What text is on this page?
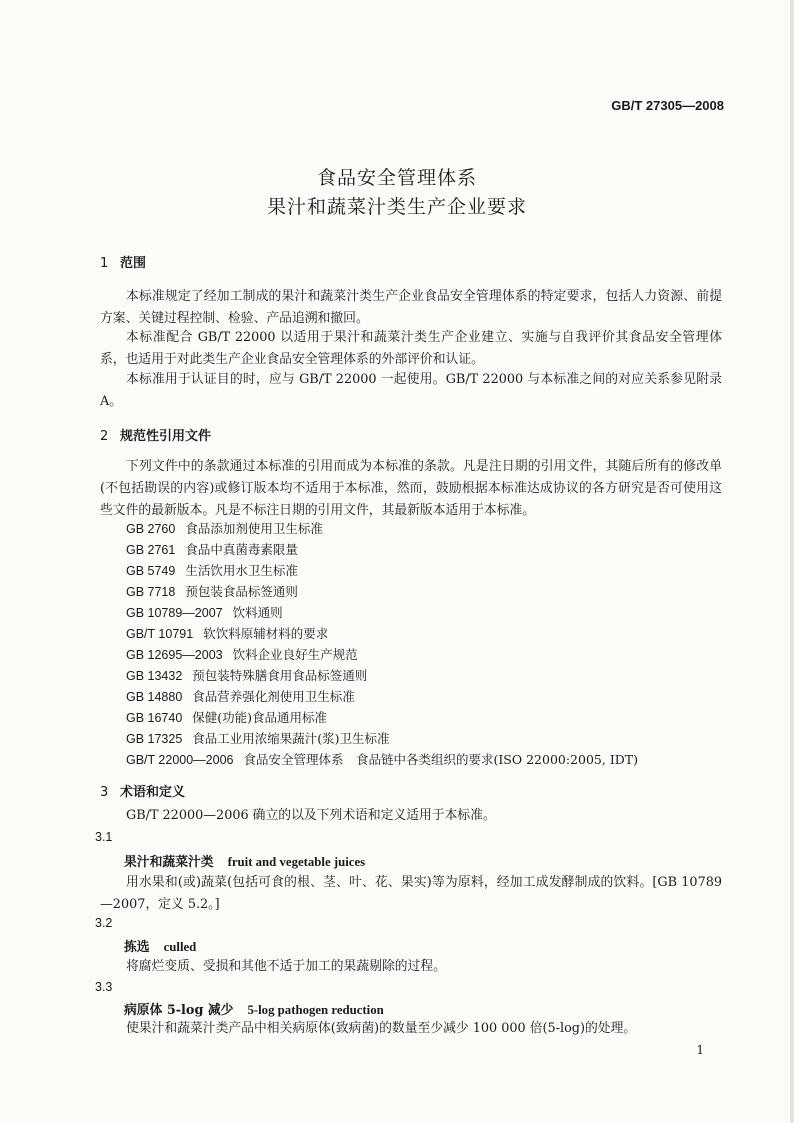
GB/T 27305—2008
食品安全管理体系
果汁和蔬菜汁类生产企业要求
1 范围
本标准规定了经加工制成的果汁和蔬菜汁类生产企业食品安全管理体系的特定要求，包括人力资源、前提方案、关键过程控制、检验、产品追溯和撤回。
本标准配合 GB/T 22000 以适用于果汁和蔬菜汁类生产企业建立、实施与自我评价其食品安全管理体系，也适用于对此类生产企业食品安全管理体系的外部评价和认证。
本标准用于认证目的时，应与 GB/T 22000 一起使用。GB/T 22000 与本标准之间的对应关系参见附录 A。
2 规范性引用文件
下列文件中的条款通过本标准的引用而成为本标准的条款。凡是注日期的引用文件，其随后所有的修改单(不包括勘误的内容)或修订版本均不适用于本标准，然而，鼓励根据本标准达成协议的各方研究是否可使用这些文件的最新版本。凡是不标注日期的引用文件，其最新版本适用于本标准。
GB 2760 食品添加剂使用卫生标准
GB 2761 食品中真菌毒素限量
GB 5749 生活饮用水卫生标准
GB 7718 预包装食品标签通则
GB 10789—2007 饮料通则
GB/T 10791 软饮料原辅材料的要求
GB 12695—2003 饮料企业良好生产规范
GB 13432 预包装特殊膳食用食品标签通则
GB 14880 食品营养强化剂使用卫生标准
GB 16740 保健(功能)食品通用标准
GB 17325 食品工业用浓缩果蔬汁(浆)卫生标准
GB/T 22000—2006 食品安全管理体系　食品链中各类组织的要求(ISO 22000:2005, IDT)
3 术语和定义
GB/T 22000—2006 确立的以及下列术语和定义适用于本标准。
3.1
果汁和蔬菜汁类 fruit and vegetable juices
用水果和(或)蔬菜(包括可食的根、茎、叶、花、果实)等为原料，经加工成发酵制成的饮料。[GB 10789—2007，定义 5.2。]
3.2
拣选 culled
将腐烂变质、受损和其他不适于加工的果蔬剔除的过程。
3.3
病原体 5-log 减少 5-log pathogen reduction
使果汁和蔬菜汁类产品中相关病原体(致病菌)的数量至少减少 100 000 倍(5-log)的处理。
1
